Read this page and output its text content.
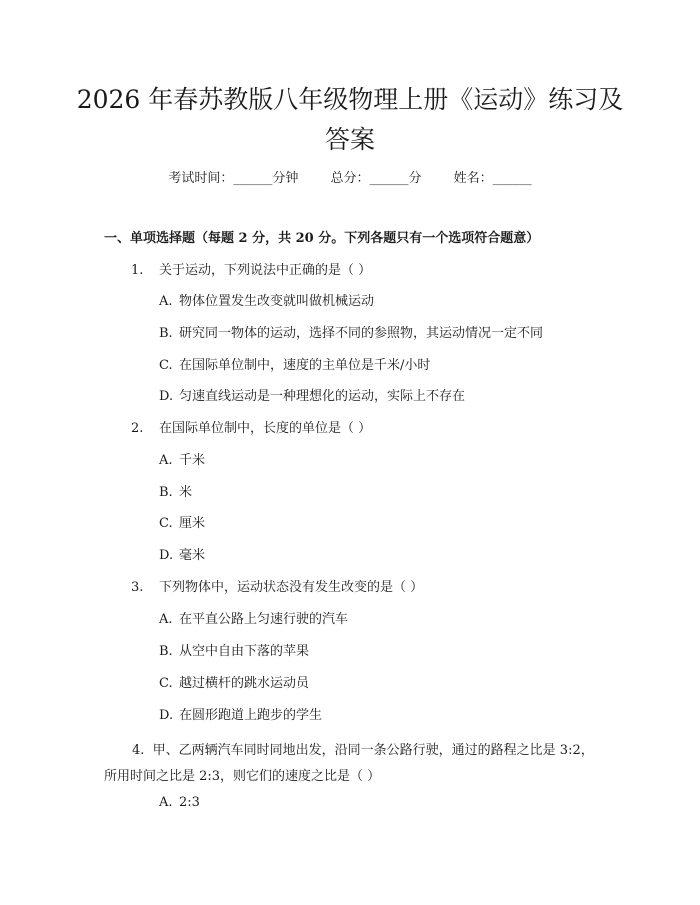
2026 年春苏教版八年级物理上册《运动》练习及答案
考试时间：______分钟 总分：______分 姓名：______
一、单项选择题（每题 2 分，共 20 分。下列各题只有一个选项符合题意）
1. 关于运动，下列说法中正确的是（ ）
A. 物体位置发生改变就叫做机械运动
B. 研究同一物体的运动，选择不同的参照物，其运动情况一定不同
C. 在国际单位制中，速度的主单位是千米/小时
D. 匀速直线运动是一种理想化的运动，实际上不存在
2. 在国际单位制中，长度的单位是（ ）
A. 千米
B. 米
C. 厘米
D. 毫米
3. 下列物体中，运动状态没有发生改变的是（ ）
A. 在平直公路上匀速行驶的汽车
B. 从空中自由下落的苹果
C. 越过横杆的跳水运动员
D. 在圆形跑道上跑步的学生
4. 甲、乙两辆汽车同时同地出发，沿同一条公路行驶，通过的路程之比是 3:2，所用时间之比是 2:3，则它们的速度之比是（ ）
A. 2:3
